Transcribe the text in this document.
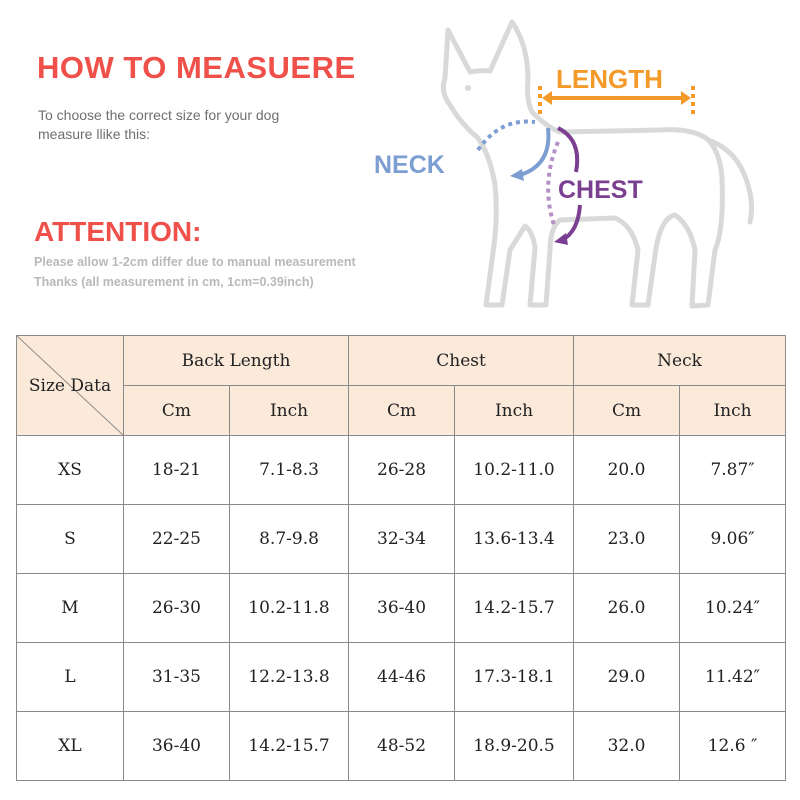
HOW TO MEASUERE
To choose the correct size for your dog
measure llike this:
ATTENTION:
Please allow 1-2cm differ due to manual measurement
Thanks (all measurement in cm, 1cm=0.39inch)
LENGTH
NECK
CHEST
Size Data	Back Length		Chest		Neck	
	Cm	Inch	Cm	Inch	Cm	Inch
XS	18-21	7.1-8.3	26-28	10.2-11.0	20.0	7.87″
S	22-25	8.7-9.8	32-34	13.6-13.4	23.0	9.06″
M	26-30	10.2-11.8	36-40	14.2-15.7	26.0	10.24″
L	31-35	12.2-13.8	44-46	17.3-18.1	29.0	11.42″
XL	36-40	14.2-15.7	48-52	18.9-20.5	32.0	12.6 ″
